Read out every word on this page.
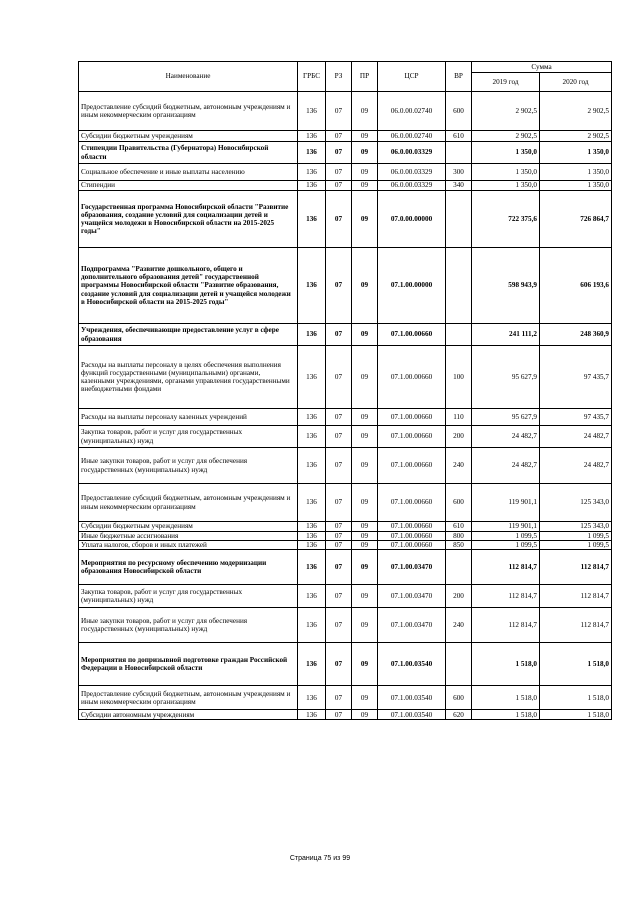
Наименование	ГРБС	РЗ	ПР	ЦСР	ВР	Сумма	
						2019 год	2020 год
Предоставление субсидий бюджетным, автономным учреждениям и иным некоммерческим организациям	136	07	09	06.0.00.02740	600	2 902,5	2 902,5
Субсидии бюджетным учреждениям	136	07	09	06.0.00.02740	610	2 902,5	2 902,5
Стипендии Правительства (Губернатора) Новосибирской области	136	07	09	06.0.00.03329		1 350,0	1 350,0
Социальное обеспечение и иные выплаты населению	136	07	09	06.0.00.03329	300	1 350,0	1 350,0
Стипендии	136	07	09	06.0.00.03329	340	1 350,0	1 350,0
Государственная программа Новосибирской области "Развитие образования, создание условий для социализации детей и учащейся молодежи в Новосибирской области на 2015-2025 годы"	136	07	09	07.0.00.00000		722 375,6	726 864,7
Подпрограмма "Развитие дошкольного, общего и дополнительного образования детей" государственной программы Новосибирской области "Развитие образования, создание условий для социализации детей и учащейся молодежи в Новосибирской области на 2015-2025 годы"	136	07	09	07.1.00.00000		598 943,9	606 193,6
Учреждения, обеспечивающие предоставление услуг в сфере образования	136	07	09	07.1.00.00660		241 111,2	248 360,9
Расходы на выплаты персоналу в целях обеспечения выполнения функций государственными (муниципальными) органами, казенными учреждениями, органами управления государственными внебюджетными фондами	136	07	09	07.1.00.00660	100	95 627,9	97 435,7
Расходы на выплаты персоналу казенных учреждений	136	07	09	07.1.00.00660	110	95 627,9	97 435,7
Закупка товаров, работ и услуг для государственных (муниципальных) нужд	136	07	09	07.1.00.00660	200	24 482,7	24 482,7
Иные закупки товаров, работ и услуг для обеспечения государственных (муниципальных) нужд	136	07	09	07.1.00.00660	240	24 482,7	24 482,7
Предоставление субсидий бюджетным, автономным учреждениям и иным некоммерческим организациям	136	07	09	07.1.00.00660	600	119 901,1	125 343,0
Субсидии бюджетным учреждениям	136	07	09	07.1.00.00660	610	119 901,1	125 343,0
Иные бюджетные ассигнования	136	07	09	07.1.00.00660	800	1 099,5	1 099,5
Уплата налогов, сборов и иных платежей	136	07	09	07.1.00.00660	850	1 099,5	1 099,5
Мероприятия по ресурсному обеспечению модернизации образования Новосибирской области	136	07	09	07.1.00.03470		112 814,7	112 814,7
Закупка товаров, работ и услуг для государственных (муниципальных) нужд	136	07	09	07.1.00.03470	200	112 814,7	112 814,7
Иные закупки товаров, работ и услуг для обеспечения государственных (муниципальных) нужд	136	07	09	07.1.00.03470	240	112 814,7	112 814,7
Мероприятия по допризывной подготовке граждан Российской Федерации в Новосибирской области	136	07	09	07.1.00.03540		1 518,0	1 518,0
Предоставление субсидий бюджетным, автономным учреждениям и иным некоммерческим организациям	136	07	09	07.1.00.03540	600	1 518,0	1 518,0
Субсидии автономным учреждениям	136	07	09	07.1.00.03540	620	1 518,0	1 518,0
Страница 75 из 99
